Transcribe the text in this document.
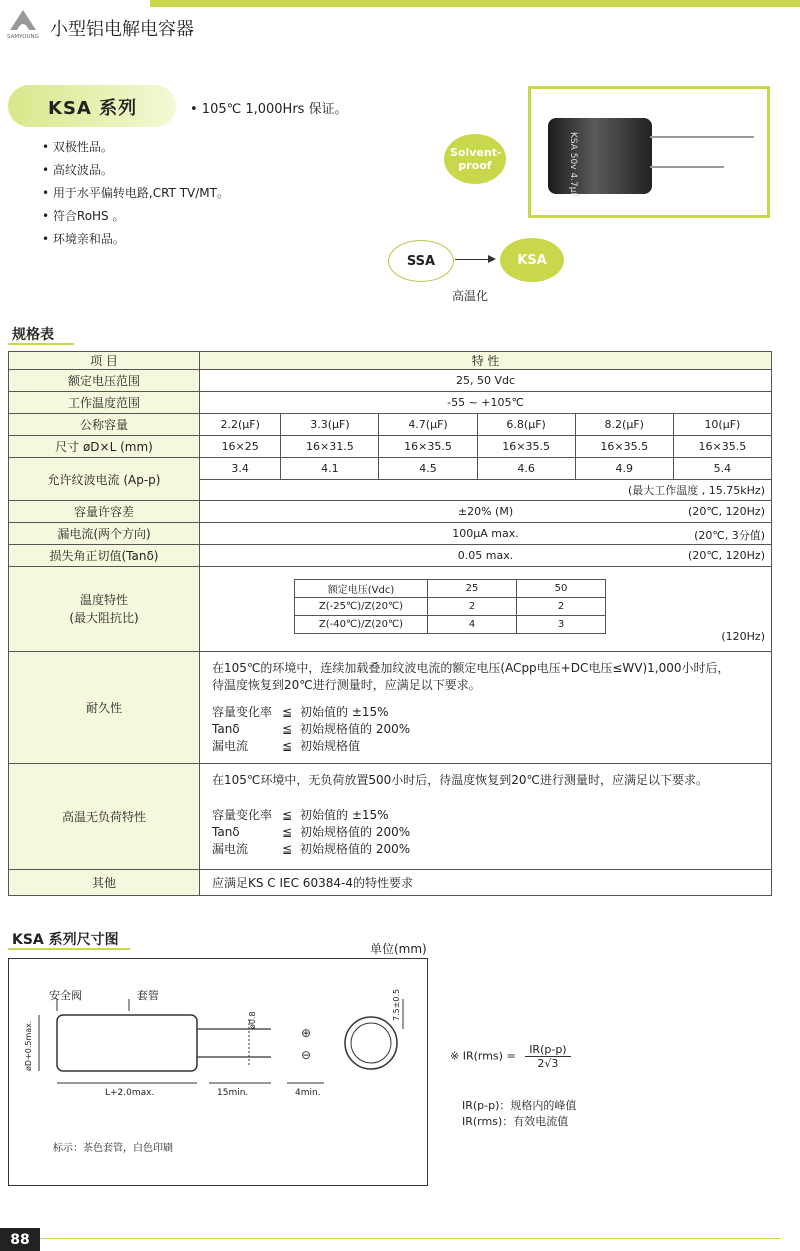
SAMYOUNG 小型铝电解电容器
KSA 系列	• 105℃ 1,000Hrs 保证。
• 双极性品。
• 高纹波品。
• 用于水平偏转电路,CRT TV/MT。
• 符合RoHS 。
• 环境亲和品。
Solvent-proof	KSA 50v 4.7μF
SSA	KSA
高温化
规格表
项 目	特 性
额定电压范围	25, 50 Vdc
工作温度范围	-55 ~ +105℃
公称容量	2.2(μF)	3.3(μF)	4.7(μF)	6.8(μF)	8.2(μF)	10(μF)
尺寸 øD×L (mm)	16×25	16×31.5	16×35.5	16×35.5	16×35.5	16×35.5
允许纹波电流 (Ap-p)	3.4	4.1	4.5	4.6	4.9	5.4
(最大工作温度 , 15.75kHz)
容量许容差	±20% (M)	(20℃, 120Hz)

漏电流(两个方向)	100μA max.	(20℃, 3分值)

损失角正切值(Tanδ)	0.05 max.	(20℃, 120Hz)

温度特性
(最大阻抗比)

额定电压(Vdc)	25	50
Z(-25℃)/Z(20℃)	2	2
Z(-40℃)/Z(20℃)	4	3
(120Hz)

耐久性	
在105℃的环境中，连续加载叠加纹波电流的额定电压(ACpp电压+DC电压≤WV)1,000小时后，
待温度恢复到20℃进行测量时，应满足以下要求。
容量变化率 ≦ 初始值的 ±15%
Tanδ	≦ 初始规格值的 200%
漏电流	≦ 初始规格值

高温无负荷特性	
在105℃环境中，无负荷放置500小时后，待温度恢复到20℃进行测量时，应满足以下要求。
容量变化率 ≦ 初始值的 ±15%
Tanδ	≦ 初始规格值的 200%
漏电流	≦ 初始规格值的 200%

其他	应满足KS C IEC 60384-4的特性要求
KSA 系列尺寸图
单位(mm)
安全阀	套管
øD+0.5max.
L+2.0max.	15min.	4min.
ø0.8	7.5±0.5
⊕
⊖
标示：茶色套管，白色印刷
※ $IR(rms) = \frac{IR(p-p)}{2√3}$
IR(p-p)：规格内的峰值
IR(rms)：有效电流值
88
